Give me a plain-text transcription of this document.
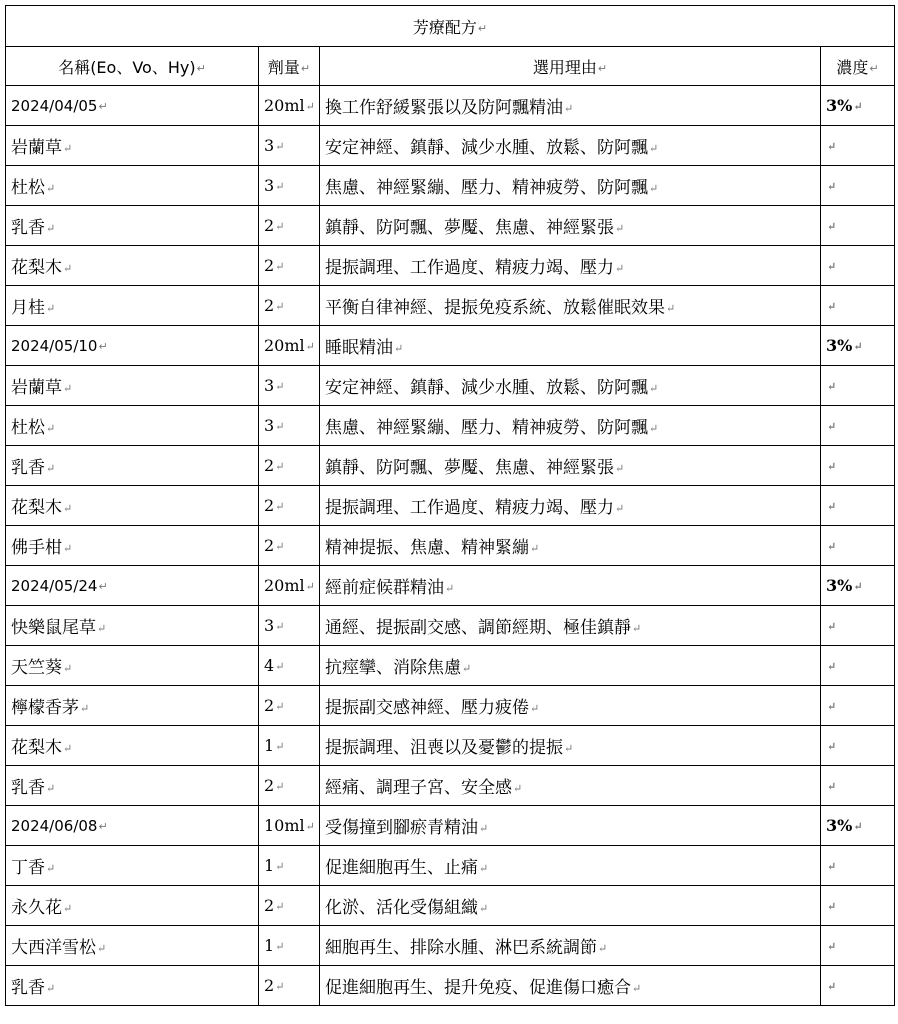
芳療配方↵			
名稱(Eo、Vo、Hy)↵	劑量↵	選用理由↵	濃度↵
2024/04/05↵	20ml↵	換工作舒緩緊張以及防阿飄精油↵	3%↵
岩蘭草↵	3↵	安定神經、鎮靜、減少水腫、放鬆、防阿飄↵	↵
杜松↵	3↵	焦慮、神經緊繃、壓力、精神疲勞、防阿飄↵	↵
乳香↵	2↵	鎮靜、防阿飄、夢魘、焦慮、神經緊張↵	↵
花梨木↵	2↵	提振調理、工作過度、精疲力竭、壓力↵	↵
月桂↵	2↵	平衡自律神經、提振免疫系統、放鬆催眠效果↵	↵
2024/05/10↵	20ml↵	睡眠精油↵	3%↵
岩蘭草↵	3↵	安定神經、鎮靜、減少水腫、放鬆、防阿飄↵	↵
杜松↵	3↵	焦慮、神經緊繃、壓力、精神疲勞、防阿飄↵	↵
乳香↵	2↵	鎮靜、防阿飄、夢魘、焦慮、神經緊張↵	↵
花梨木↵	2↵	提振調理、工作過度、精疲力竭、壓力↵	↵
佛手柑↵	2↵	精神提振、焦慮、精神緊繃↵	↵
2024/05/24↵	20ml↵	經前症候群精油↵	3%↵
快樂鼠尾草↵	3↵	通經、提振副交感、調節經期、極佳鎮靜↵	↵
天竺葵↵	4↵	抗痙攣、消除焦慮↵	↵
檸檬香茅↵	2↵	提振副交感神經、壓力疲倦↵	↵
花梨木↵	1↵	提振調理、沮喪以及憂鬱的提振↵	↵
乳香↵	2↵	經痛、調理子宮、安全感↵	↵
2024/06/08↵	10ml↵	受傷撞到腳瘀青精油↵	3%↵
丁香↵	1↵	促進細胞再生、止痛↵	↵
永久花↵	2↵	化淤、活化受傷組織↵	↵
大西洋雪松↵	1↵	細胞再生、排除水腫、淋巴系統調節↵	↵
乳香↵	2↵	促進細胞再生、提升免疫、促進傷口癒合↵	↵
